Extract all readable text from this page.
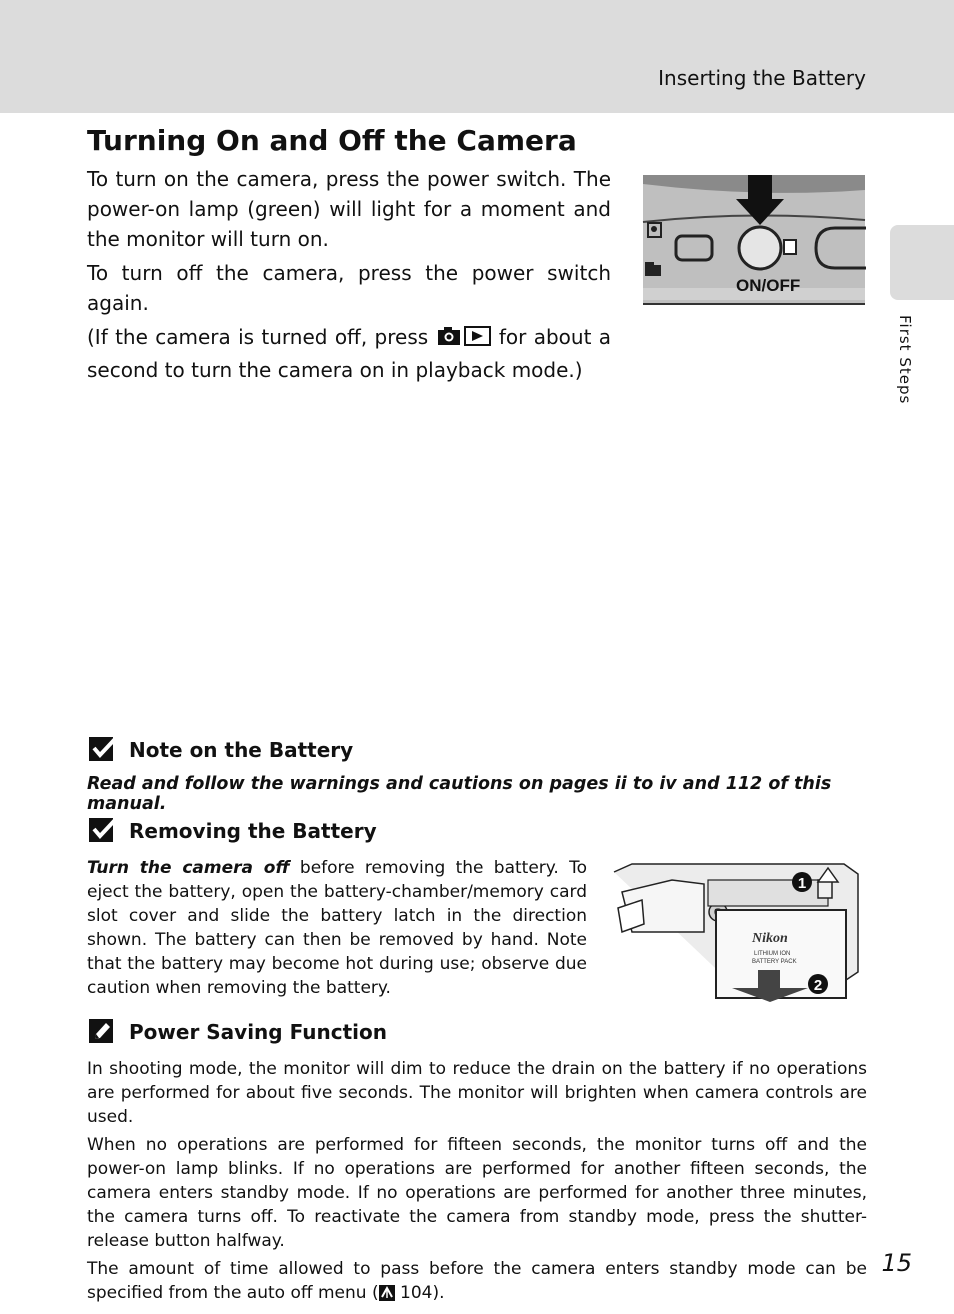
Inserting the Battery
First Steps
Turning On and Off the Camera

To turn on the camera, press the power switch. The power-on lamp (green) will light for a moment and the monitor will turn on.

To turn off the camera, press the power switch again.

(If the camera is turned off, press	for about a second to turn the camera on in playback mode.)

ON/OFF
Note on the Battery
Read and follow the warnings and cautions on pages ii to iv and 112 of this manual.
Removing the Battery
Turn the camera off before removing the battery. To eject the battery, open the battery-chamber/memory card slot cover and slide the battery latch in the direction shown. The battery can then be removed by hand. Note that the battery may become hot during use; observe due caution when removing the battery.
Nikon
LITHIUM ION
BATTERY PACK
1
2
Power Saving Function

In shooting mode, the monitor will dim to reduce the drain on the battery if no operations are performed for about five seconds. The monitor will brighten when camera controls are used.

When no operations are performed for fifteen seconds, the monitor turns off and the power-on lamp blinks. If no operations are performed for another fifteen seconds, the camera enters standby mode. If no operations are performed for another three minutes, the camera turns off. To reactivate the camera from standby mode, press the shutter-release button halfway.

The amount of time allowed to pass before the camera enters standby mode can be specified from the auto off menu ( 104).

15
